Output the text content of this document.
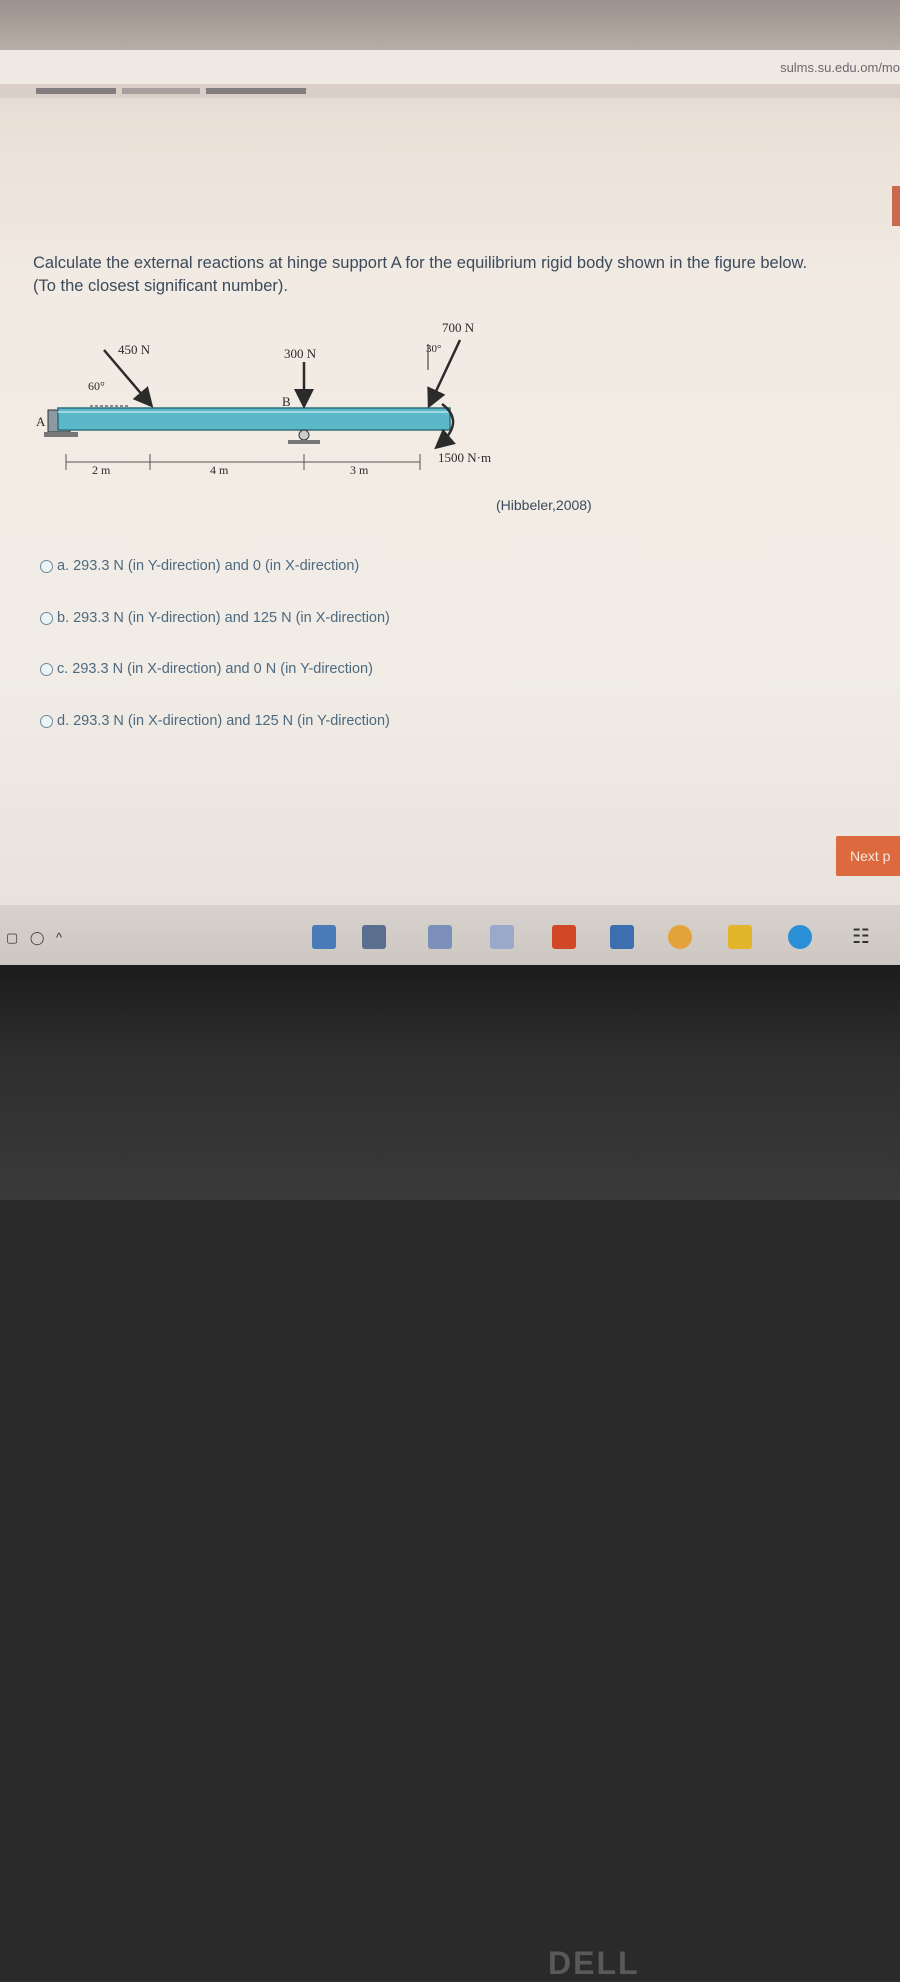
sulms.su.edu.om/mo
Calculate the external reactions at hinge support A for the equilibrium rigid body shown in the figure below.
(To the closest significant number).
A
B
450 N
60°
300 N
700 N
30°
1500 N·m
2 m	4 m	3 m
(Hibbeler,2008)
a. 293.3 N (in Y-direction) and 0 (in X-direction)
b. 293.3 N (in Y-direction) and 125 N (in X-direction)
c. 293.3 N (in X-direction) and 0 N (in Y-direction)
d. 293.3 N (in X-direction) and 125 N (in Y-direction)
Next p
▢ ◯ ^	☷
DELL
